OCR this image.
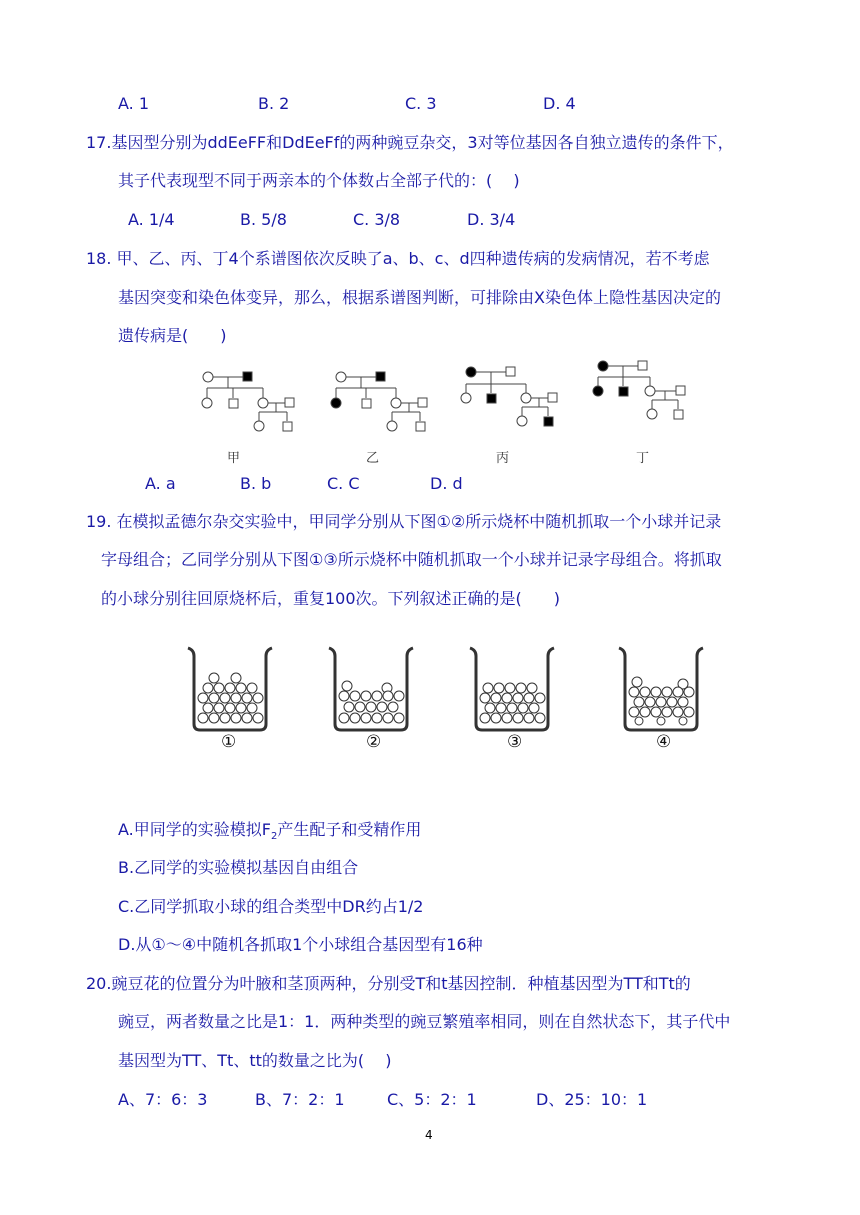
A. 1	B. 2	C. 3	D. 4
17.基因型分别为ddEeFF和DdEeFf的两种豌豆杂交，3对等位基因各自独立遗传的条件下，
其子代表现型不同于两亲本的个体数占全部子代的：(　 )
A. 1/4	B. 5/8	C. 3/8	D. 3/4
18. 甲、乙、丙、丁4个系谱图依次反映了a、b、c、d四种遗传病的发病情况，若不考虑
基因突变和染色体变异，那么，根据系谱图判断，可排除由X染色体上隐性基因决定的
遗传病是(　　)
甲	乙	丙	丁
A. a	B. b	C. C	D. d
19. 在模拟孟德尔杂交实验中，甲同学分别从下图①②所示烧杯中随机抓取一个小球并记录
字母组合；乙同学分别从下图①③所示烧杯中随机抓取一个小球并记录字母组合。将抓取
的小球分别往回原烧杯后，重复100次。下列叙述正确的是(　　)
①	②	③	④
A.甲同学的实验模拟$F_2$产生配子和受精作用
B.乙同学的实验模拟基因自由组合
C.乙同学抓取小球的组合类型中DR约占1/2
D.从①～④中随机各抓取1个小球组合基因型有16种
20.豌豆花的位置分为叶腋和茎顶两种，分别受T和t基因控制．种植基因型为TT和Tt的
豌豆，两者数量之比是1：1．两种类型的豌豆繁殖率相同，则在自然状态下，其子代中
基因型为TT、Tt、tt的数量之比为(　 )
A、7：6：3	B、7：2：1	C、5：2：1	D、25：10：1
4
